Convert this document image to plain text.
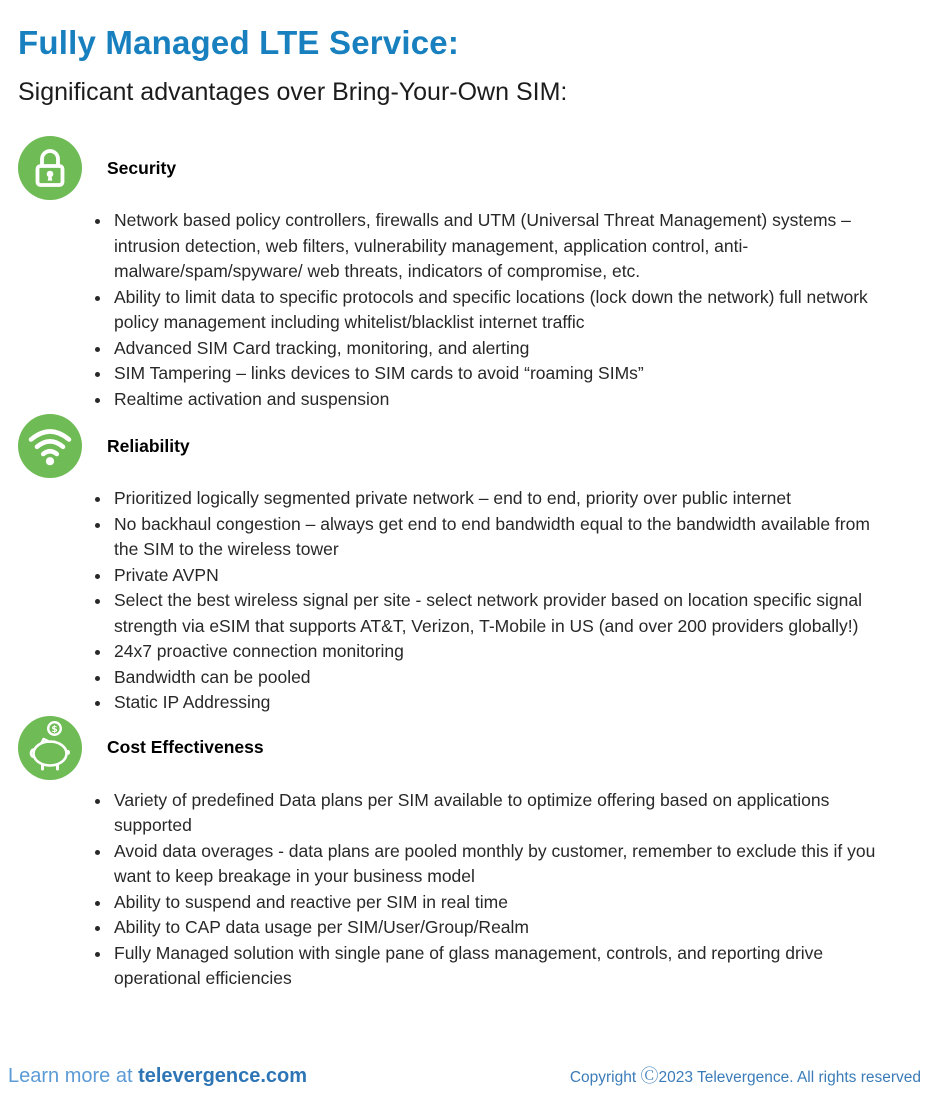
Fully Managed LTE Service:
Significant advantages over Bring-Your-Own SIM:
Security
• Network based policy controllers, firewalls and UTM (Universal Threat Management) systems – intrusion detection, web filters, vulnerability management, application control, anti-malware/spam/spyware/ web threats, indicators of compromise, etc.
• Ability to limit data to specific protocols and specific locations (lock down the network) full network policy management including whitelist/blacklist internet traffic
• Advanced SIM Card tracking, monitoring, and alerting
• SIM Tampering – links devices to SIM cards to avoid “roaming SIMs”
• Realtime activation and suspension
Reliability
• Prioritized logically segmented private network – end to end, priority over public internet
• No backhaul congestion – always get end to end bandwidth equal to the bandwidth available from the SIM to the wireless tower
• Private AVPN
• Select the best wireless signal per site - select network provider based on location specific signal strength via eSIM that supports AT&T, Verizon, T-Mobile in US (and over 200 providers globally!)
• 24x7 proactive connection monitoring
• Bandwidth can be pooled
• Static IP Addressing
$
Cost Effectiveness
• Variety of predefined Data plans per SIM available to optimize offering based on applications supported
• Avoid data overages - data plans are pooled monthly by customer, remember to exclude this if you want to keep breakage in your business model
• Ability to suspend and reactive per SIM in real time
• Ability to CAP data usage per SIM/User/Group/Realm
• Fully Managed solution with single pane of glass management, controls, and reporting drive operational efficiencies
Learn more at televergence.com	Copyright Ⓒ2023 Televergence. All rights reserved
